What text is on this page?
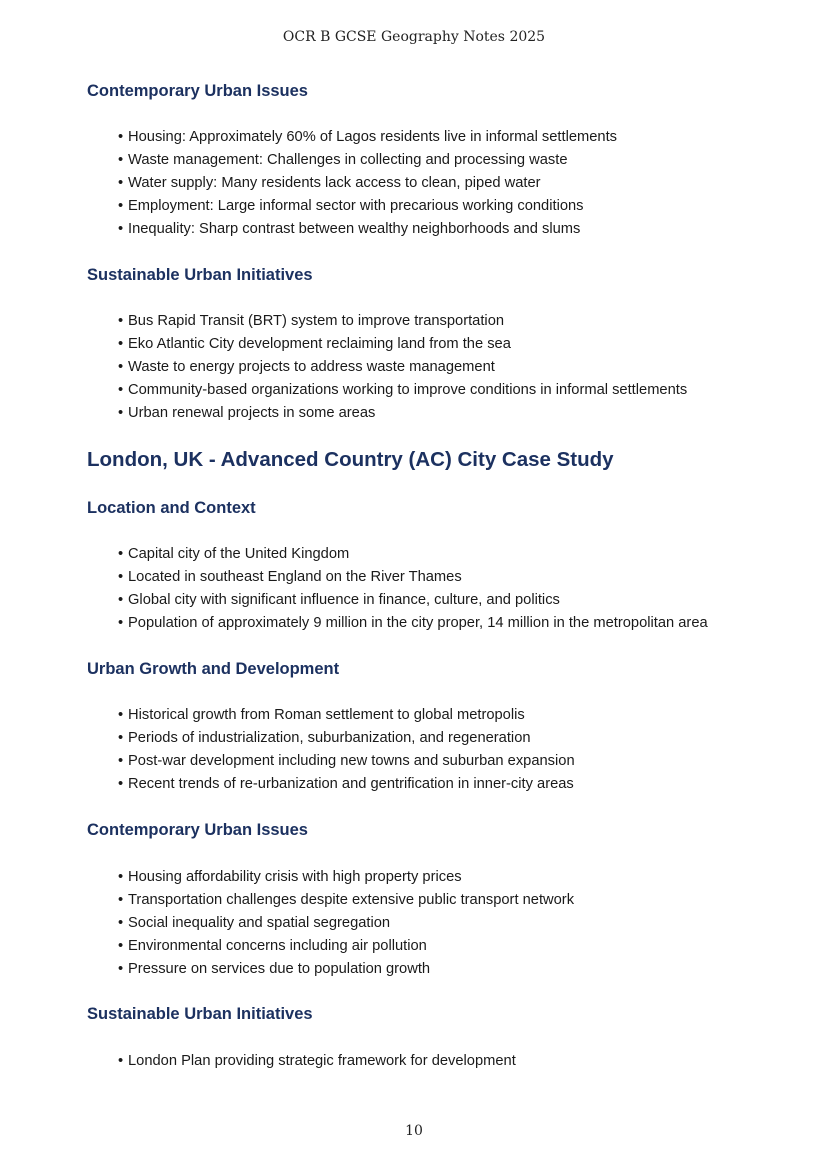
OCR B GCSE Geography Notes 2025
Contemporary Urban Issues
• Housing: Approximately 60% of Lagos residents live in informal settlements
• Waste management: Challenges in collecting and processing waste
• Water supply: Many residents lack access to clean, piped water
• Employment: Large informal sector with precarious working conditions
• Inequality: Sharp contrast between wealthy neighborhoods and slums
Sustainable Urban Initiatives
• Bus Rapid Transit (BRT) system to improve transportation
• Eko Atlantic City development reclaiming land from the sea
• Waste to energy projects to address waste management
• Community-based organizations working to improve conditions in informal settlements
• Urban renewal projects in some areas
London, UK - Advanced Country (AC) City Case Study
Location and Context
• Capital city of the United Kingdom
• Located in southeast England on the River Thames
• Global city with significant influence in finance, culture, and politics
• Population of approximately 9 million in the city proper, 14 million in the metropolitan area
Urban Growth and Development
• Historical growth from Roman settlement to global metropolis
• Periods of industrialization, suburbanization, and regeneration
• Post-war development including new towns and suburban expansion
• Recent trends of re-urbanization and gentrification in inner-city areas
Contemporary Urban Issues
• Housing affordability crisis with high property prices
• Transportation challenges despite extensive public transport network
• Social inequality and spatial segregation
• Environmental concerns including air pollution
• Pressure on services due to population growth
Sustainable Urban Initiatives
• London Plan providing strategic framework for development
10
